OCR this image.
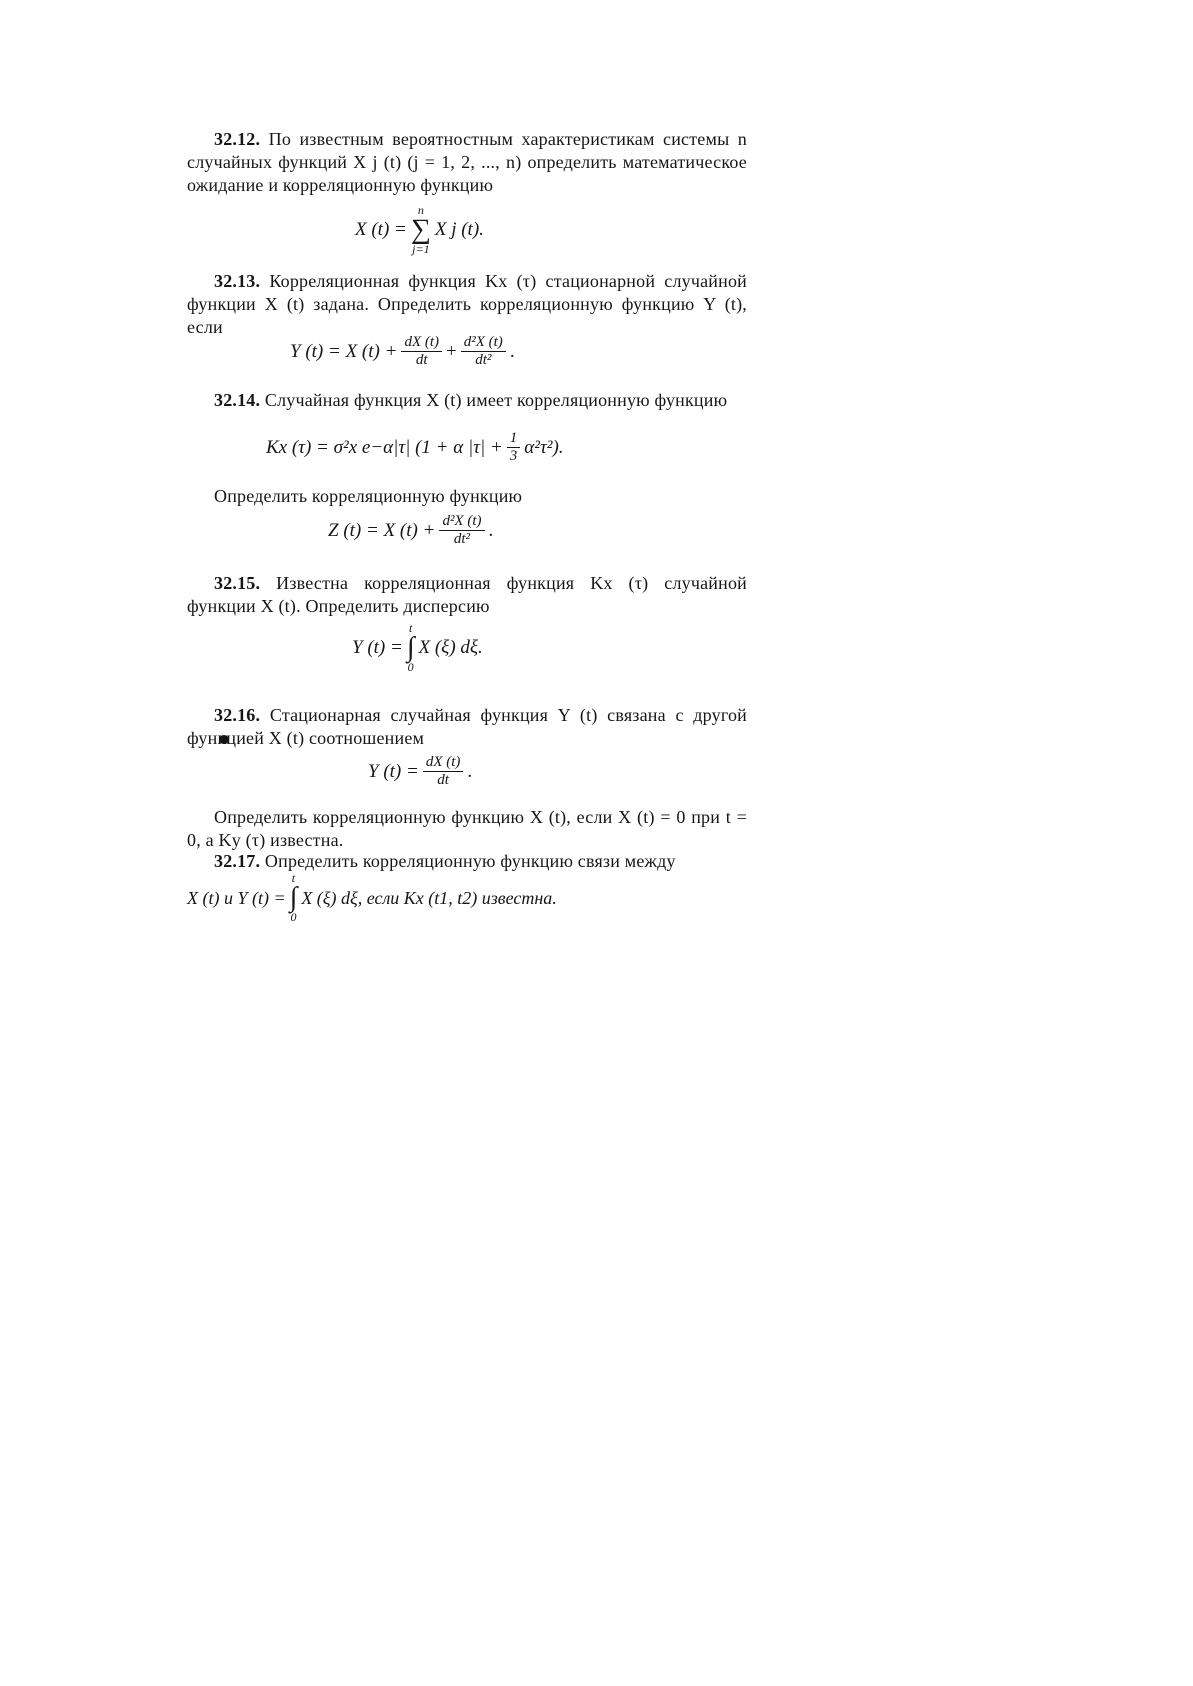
32.12. По известным вероятностным характеристикам системы n случайных функций X j (t) (j = 1, 2, ..., n) определить математическое ожидание и корреляционную функцию
X (t) =
n
∑
j=1
X j (t).
32.13. Корреляционная функция Kx (τ) стационарной случайной функции X (t) задана. Определить корреляционную функцию Y (t), если
Y (t) = X $(t) + \frac{dX (t)}{dt} + \frac{\text{d²X (t)}}{\text{dt²}}$ .
32.14. Случайная функция X (t) имеет корреляционную функцию
Kx (τ) = σ²x e−α|τ| (1 + α $|\tau| + \frac{1}{3} \alpha^2\tau^2$).
Определить корреляционную функцию
Z (t) = X $(t) + \frac{\text{d²X (t)}}{\text{dt²}}$ .
32.15. Известна корреляционная функция Kx (τ) случайной функции X (t). Определить дисперсию
Y (t) =
t
∫
0
X (ξ) dξ.
32.16. Стационарная случайная функция Y (t) связана с другой функцией X (t) соотношением
Y $(t) = \frac{dX (t)}{dt}$ .
Определить корреляционную функцию X (t), если X (t) = 0 при t = 0, а Ky (τ) известна.
32.17. Определить корреляционную функцию связи между
X (t) и Y (t) =
t
∫
0
X (ξ) dξ, если Kx (t1, t2) известна.
